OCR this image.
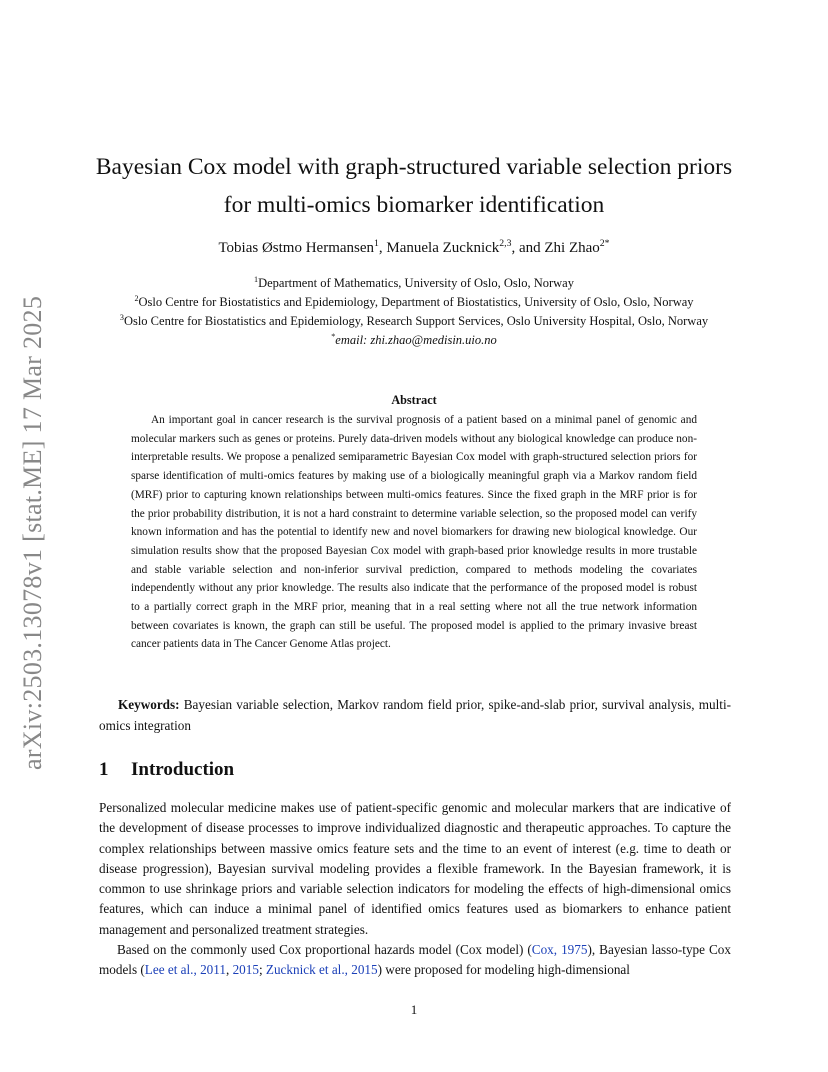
arXiv:2503.13078v1 [stat.ME] 17 Mar 2025
Bayesian Cox model with graph-structured variable selection priors
for multi-omics biomarker identification
Tobias Østmo Hermansen$^1$, Manuela Zucknick$^{2,3}$, and Zhi Zhao$^{2*}$
$^1$Department of Mathematics, University of Oslo, Oslo, Norway
$^2$Oslo Centre for Biostatistics and Epidemiology, Department of Biostatistics, University of Oslo, Oslo, Norway
$^3$Oslo Centre for Biostatistics and Epidemiology, Research Support Services, Oslo University Hospital, Oslo, Norway
*email: zhi.zhao@medisin.uio.no
Abstract
An important goal in cancer research is the survival prognosis of a patient based on a minimal panel of genomic and molecular markers such as genes or proteins. Purely data-driven models without any biological knowledge can produce non-interpretable results. We propose a penalized semiparametric Bayesian Cox model with graph-structured selection priors for sparse identification of multi-omics features by making use of a biologically meaningful graph via a Markov random field (MRF) prior to capturing known relationships between multi-omics features. Since the fixed graph in the MRF prior is for the prior probability distribution, it is not a hard constraint to determine variable selection, so the proposed model can verify known information and has the potential to identify new and novel biomarkers for drawing new biological knowledge. Our simulation results show that the proposed Bayesian Cox model with graph-based prior knowledge results in more trustable and stable variable selection and non-inferior survival prediction, compared to methods modeling the covariates independently without any prior knowledge. The results also indicate that the performance of the proposed model is robust to a partially correct graph in the MRF prior, meaning that in a real setting where not all the true network information between covariates is known, the graph can still be useful. The proposed model is applied to the primary invasive breast cancer patients data in The Cancer Genome Atlas project.
Keywords: Bayesian variable selection, Markov random field prior, spike-and-slab prior, survival analysis, multi-omics integration
1 Introduction
Personalized molecular medicine makes use of patient-specific genomic and molecular markers that are indicative of the development of disease processes to improve individualized diagnostic and therapeutic approaches. To capture the complex relationships between massive omics feature sets and the time to an event of interest (e.g. time to death or disease progression), Bayesian survival modeling provides a flexible framework. In the Bayesian framework, it is common to use shrinkage priors and variable selection indicators for modeling the effects of high-dimensional omics features, which can induce a minimal panel of identified omics features used as biomarkers to enhance patient management and personalized treatment strategies.
Based on the commonly used Cox proportional hazards model (Cox model) (Cox, 1975), Bayesian lasso-type Cox models (Lee et al., 2011, 2015; Zucknick et al., 2015) were proposed for modeling high-dimensional
1
